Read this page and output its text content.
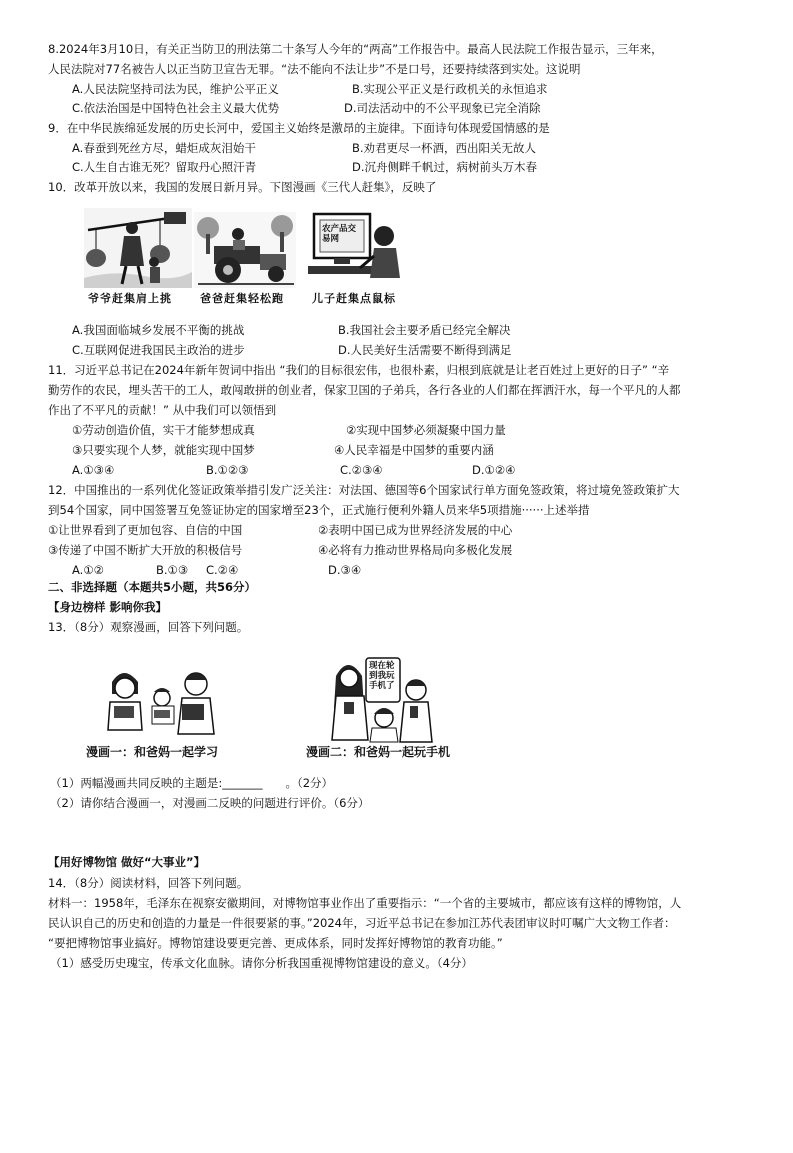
8.2024年3月10日，有关正当防卫的刑法第二十条写人今年的“两高”工作报告中。最高人民法院工作报告显示，三年来，
人民法院对77名被告人以正当防卫宣告无罪。“法不能向不法让步”不是口号，还要持续落到实处。这说明
A.人民法院坚持司法为民，维护公平正义	B.实现公平正义是行政机关的永恒追求
C.依法治国是中国特色社会主义最大优势	D.司法活动中的不公平现象已完全消除
9．在中华民族绵延发展的历史长河中，爱国主义始终是激昂的主旋律。下面诗句体现爱国情感的是
A.春蚕到死丝方尽，蜡炬成灰泪始干	B.劝君更尽一杯酒，西出阳关无故人
C.人生自古谁无死？留取丹心照汗青	D.沉舟侧畔千帆过，病树前头万木春
10．改革开放以来，我国的发展日新月异。下图漫画《三代人赶集》，反映了
爷爷赶集肩上挑	爸爸赶集轻松跑
农产品交易网
儿子赶集点鼠标
A.我国面临城乡发展不平衡的挑战	B.我国社会主要矛盾已经完全解决
C.互联网促进我国民主政治的进步	D.人民美好生活需要不断得到满足
11．习近平总书记在2024年新年贺词中指出 “我们的目标很宏伟，也很朴素，归根到底就是让老百姓过上更好的日子” “辛
勤劳作的农民，埋头苦干的工人，敢闯敢拼的创业者，保家卫国的子弟兵，各行各业的人们都在挥洒汗水，每一个平凡的人都
作出了不平凡的贡献！” 从中我们可以领悟到
①劳动创造价值，实干才能梦想成真	②实现中国梦必须凝聚中国力量
③只要实现个人梦，就能实现中国梦	④人民幸福是中国梦的重要内涵
A.①③④	B.①②③	C.②③④	D.①②④
12．中国推出的一系列优化签证政策举措引发广泛关注：对法国、德国等6个国家试行单方面免签政策，将过境免签政策扩大
到54个国家，同中国签署互免签证协定的国家增至23个，正式施行便利外籍人员来华5项措施······上述举措
①让世界看到了更加包容、自信的中国	②表明中国已成为世界经济发展的中心
③传递了中国不断扩大开放的积极信号	④必将有力推动世界格局向多极化发展
A.①②	B.①③ C.②④	D.③④
二、非选择题（本题共5小题，共56分）
【身边榜样 影响你我】
13．（8分）观察漫画，回答下列问题。
漫画一：和爸妈一起学习
现在轮到我玩手机了
漫画二：和爸妈一起玩手机
（1）两幅漫画共同反映的主题是:_______　　。（2分）
（2）请你结合漫画一，对漫画二反映的问题进行评价。（6分）
【用好博物馆 做好“大事业”】
14．（8分）阅读材料，回答下列问题。
材料一：1958年，毛泽东在视察安徽期间，对博物馆事业作出了重要指示：“一个省的主要城市，都应该有这样的博物馆，人
民认识自己的历史和创造的力量是一件很要紧的事。”2024年，习近平总书记在参加江苏代表团审议时叮嘱广大文物工作者：
“要把博物馆事业搞好。博物馆建设要更完善、更成体系，同时发挥好博物馆的教育功能。”
（1）感受历史瑰宝，传承文化血脉。请你分析我国重视博物馆建设的意义。（4分）
